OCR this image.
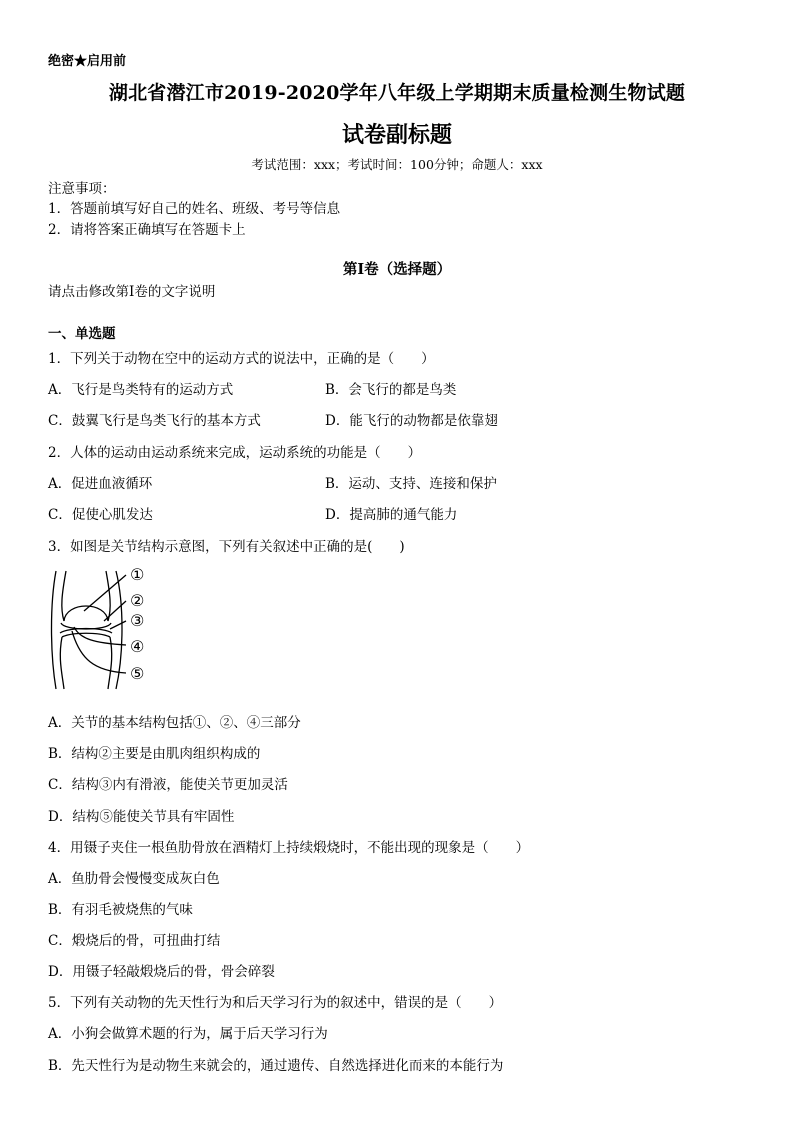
绝密★启用前
湖北省潜江市2019-2020学年八年级上学期期末质量检测生物试题
试卷副标题
考试范围：xxx；考试时间：100分钟；命题人：xxx
注意事项：
1．答题前填写好自己的姓名、班级、考号等信息
2．请将答案正确填写在答题卡上
第I卷（选择题）
请点击修改第I卷的文字说明
一、单选题
1．下列关于动物在空中的运动方式的说法中，正确的是（　　）
A．飞行是鸟类特有的运动方式	B．会飞行的都是鸟类
C．鼓翼飞行是鸟类飞行的基本方式	D．能飞行的动物都是依靠翅
2．人体的运动由运动系统来完成，运动系统的功能是（　　）
A．促进血液循环	B．运动、支持、连接和保护
C．促使心肌发达	D．提高肺的通气能力
3．如图是关节结构示意图，下列有关叙述中正确的是(　　)
①
②
③
④
⑤
A．关节的基本结构包括①、②、④三部分
B．结构②主要是由肌肉组织构成的
C．结构③内有滑液，能使关节更加灵活
D．结构⑤能使关节具有牢固性
4．用镊子夹住一根鱼肋骨放在酒精灯上持续煅烧时，不能出现的现象是（　　）
A．鱼肋骨会慢慢变成灰白色
B．有羽毛被烧焦的气味
C．煅烧后的骨，可扭曲打结
D．用镊子轻敲煅烧后的骨，骨会碎裂
5．下列有关动物的先天性行为和后天学习行为的叙述中，错误的是（　　）
A．小狗会做算术题的行为，属于后天学习行为
B．先天性行为是动物生来就会的，通过遗传、自然选择进化而来的本能行为
